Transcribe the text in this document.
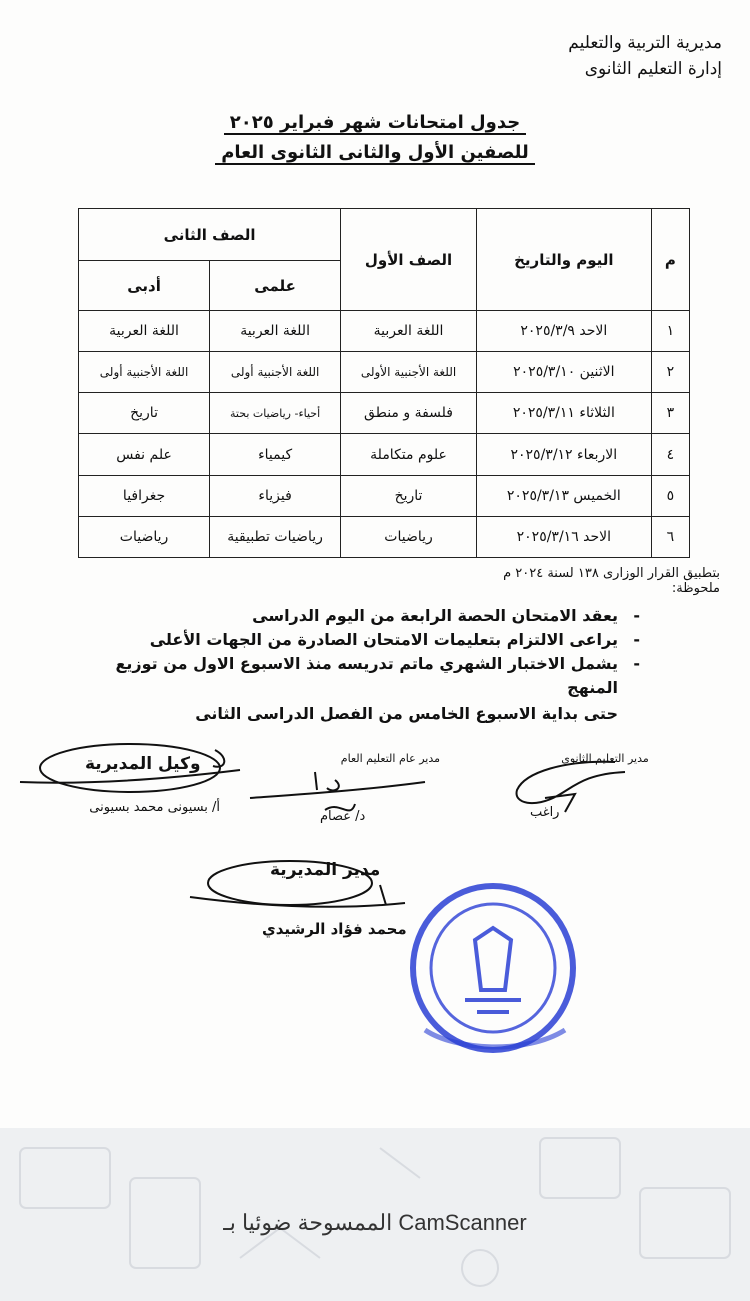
مديرية التربية والتعليم
إدارة التعليم الثانوى
جدول امتحانات شهر فبراير ٢٠٢٥
للصفين الأول والثانى الثانوى العام
م	اليوم والتاريخ	الصف الأول	الصف الثانى	
			علمى	أدبى
١	الاحد ٢٠٢٥/٣/٩	اللغة العربية	اللغة العربية	اللغة العربية
٢	الاثنين ٢٠٢٥/٣/١٠	اللغة الأجنبية الأولى	اللغة الأجنبية أولى	اللغة الأجنبية أولى
٣	الثلاثاء ٢٠٢٥/٣/١١	فلسفة و منطق	أحياء- رياضيات بحتة	تاريخ
٤	الاربعاء ٢٠٢٥/٣/١٢	علوم متكاملة	كيمياء	علم نفس
٥	الخميس ٢٠٢٥/٣/١٣	تاريخ	فيزياء	جغرافيا
٦	الاحد ٢٠٢٥/٣/١٦	رياضيات	رياضيات تطبيقية	رياضيات
بتطبيق القرار الوزارى ١٣٨ لسنة ٢٠٢٤ م
ملحوظة:
- يعقد الامتحان الحصة الرابعة من اليوم الدراسى
- يراعى الالتزام بتعليمات الامتحان الصادرة من الجهات الأعلى
- يشمل الاختبار الشهري ماتم تدريسه منذ الاسبوع الاول من توزيع المنهج
حتى بداية الاسبوع الخامس من الفصل الدراسى الثانى
مدير التعليم الثانوى
راغب
مدير عام التعليم العام
د/ عصام
أ/ بسيونى محمد بسيونى
وكيل المديرية
مدير المديرية
محمد فؤاد الرشيدي
الممسوحة ضوئيا بـ CamScanner
